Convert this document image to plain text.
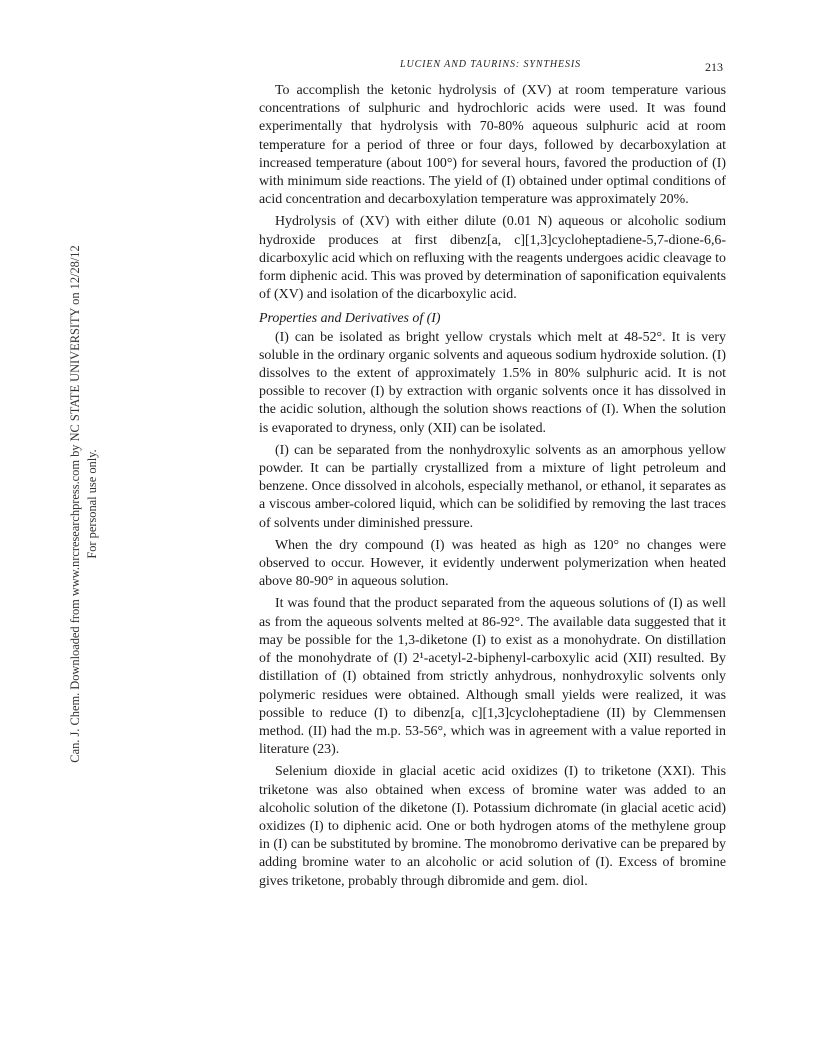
Can. J. Chem. Downloaded from www.nrcresearchpress.com by NC STATE UNIVERSITY on 12/28/12 For personal use only.
LUCIEN AND TAURINS: SYNTHESIS	213

To accomplish the ketonic hydrolysis of (XV) at room temperature various concentrations of sulphuric and hydrochloric acids were used. It was found experimentally that hydrolysis with 70-80% aqueous sulphuric acid at room temperature for a period of three or four days, followed by decarboxylation at increased temperature (about 100°) for several hours, favored the production of (I) with minimum side reactions. The yield of (I) obtained under optimal conditions of acid concentration and decarboxylation temperature was approximately 20%.

Hydrolysis of (XV) with either dilute (0.01 N) aqueous or alcoholic sodium hydroxide produces at first dibenz[a, c][1,3]cycloheptadiene-5,7-dione-6,6-dicarboxylic acid which on refluxing with the reagents undergoes acidic cleavage to form diphenic acid. This was proved by determination of saponification equivalents of (XV) and isolation of the dicarboxylic acid.

Properties and Derivatives of (I)

(I) can be isolated as bright yellow crystals which melt at 48-52°. It is very soluble in the ordinary organic solvents and aqueous sodium hydroxide solution. (I) dissolves to the extent of approximately 1.5% in 80% sulphuric acid. It is not possible to recover (I) by extraction with organic solvents once it has dissolved in the acidic solution, although the solution shows reactions of (I). When the solution is evaporated to dryness, only (XII) can be isolated.

(I) can be separated from the nonhydroxylic solvents as an amorphous yellow powder. It can be partially crystallized from a mixture of light petroleum and benzene. Once dissolved in alcohols, especially methanol, or ethanol, it separates as a viscous amber-colored liquid, which can be solidified by removing the last traces of solvents under diminished pressure.

When the dry compound (I) was heated as high as 120° no changes were observed to occur. However, it evidently underwent polymerization when heated above 80-90° in aqueous solution.

It was found that the product separated from the aqueous solutions of (I) as well as from the aqueous solvents melted at 86-92°. The available data suggested that it may be possible for the 1,3-diketone (I) to exist as a monohydrate. On distillation of the monohydrate of (I) 2¹-acetyl-2-biphenyl-carboxylic acid (XII) resulted. By distillation of (I) obtained from strictly anhydrous, nonhydroxylic solvents only polymeric residues were obtained. Although small yields were realized, it was possible to reduce (I) to dibenz[a, c][1,3]cycloheptadiene (II) by Clemmensen method. (II) had the m.p. 53-56°, which was in agreement with a value reported in literature (23).

Selenium dioxide in glacial acetic acid oxidizes (I) to triketone (XXI). This triketone was also obtained when excess of bromine water was added to an alcoholic solution of the diketone (I). Potassium dichromate (in glacial acetic acid) oxidizes (I) to diphenic acid. One or both hydrogen atoms of the methylene group in (I) can be substituted by bromine. The monobromo derivative can be prepared by adding bromine water to an alcoholic or acid solution of (I). Excess of bromine gives triketone, probably through dibromide and gem. diol.
